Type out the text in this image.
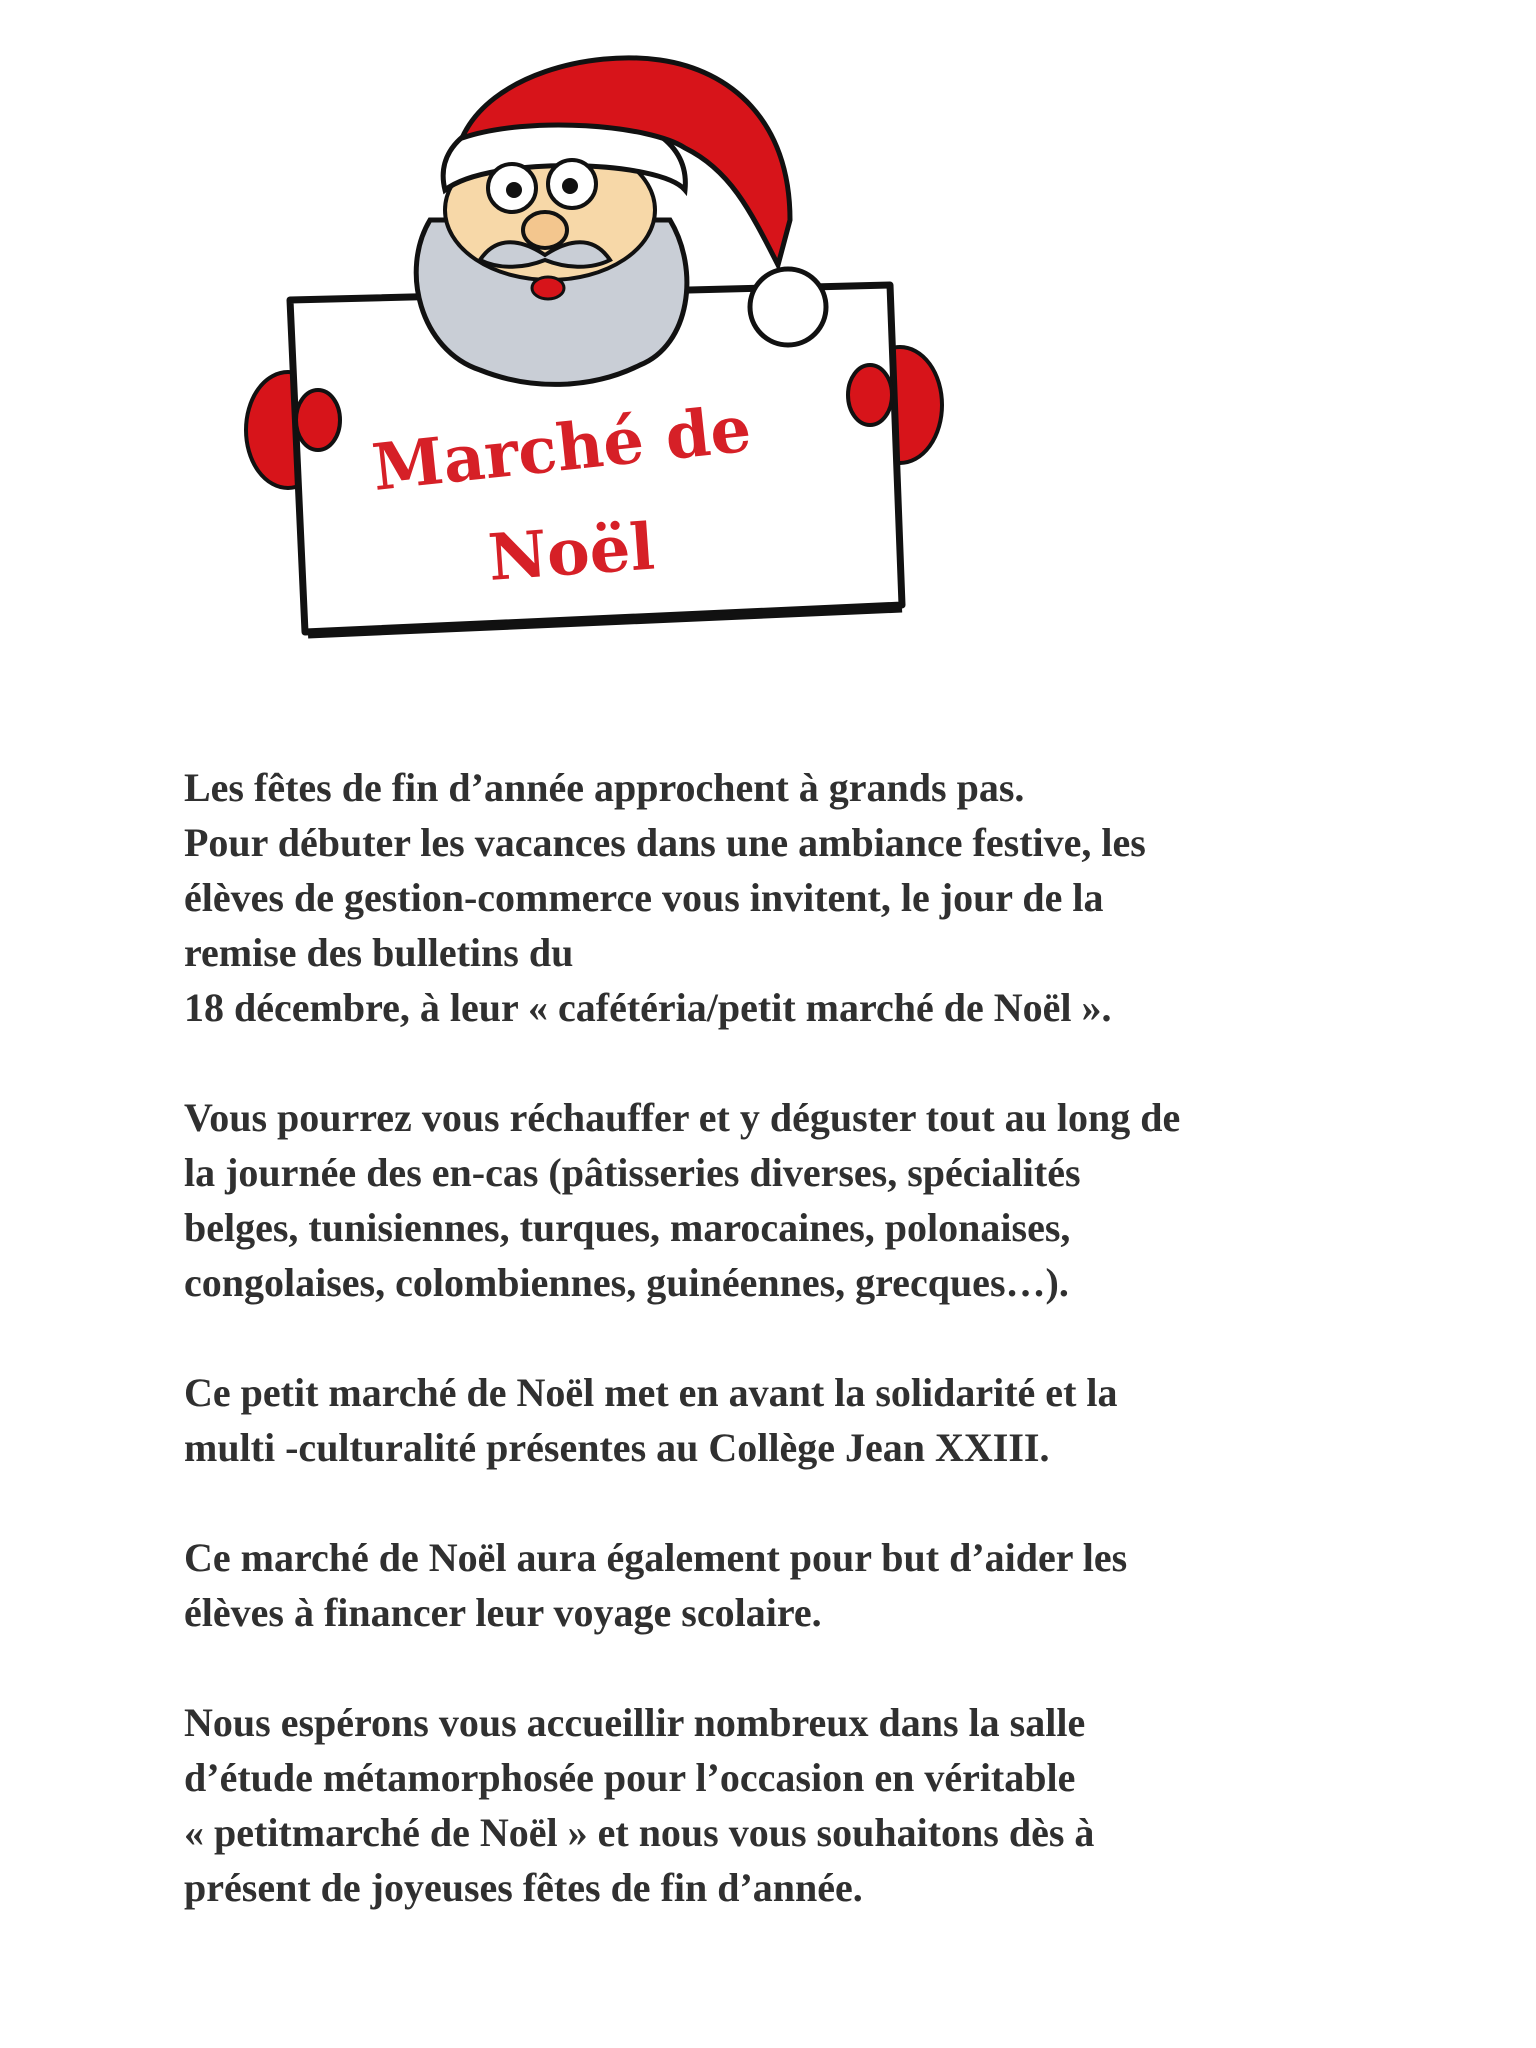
Marché de
Noël

Les fêtes de fin d’année approchent à grands pas.
Pour débuter les vacances dans une ambiance festive, les
élèves de gestion-commerce vous invitent, le jour de la
remise des bulletins du
18 décembre, à leur « cafétéria/petit marché de Noël ».

Vous pourrez vous réchauffer et y déguster tout au long de
la journée des en-cas (pâtisseries diverses, spécialités
belges, tunisiennes, turques, marocaines, polonaises,
congolaises, colombiennes, guinéennes, grecques…).

Ce petit marché de Noël met en avant la solidarité et la
multi -culturalité présentes au Collège Jean XXIII.

Ce marché de Noël aura également pour but d’aider les
élèves à financer leur voyage scolaire.

Nous espérons vous accueillir nombreux dans la salle
d’étude métamorphosée pour l’occasion en véritable
« petitmarché de Noël » et nous vous souhaitons dès à
présent de joyeuses fêtes de fin d’année.
